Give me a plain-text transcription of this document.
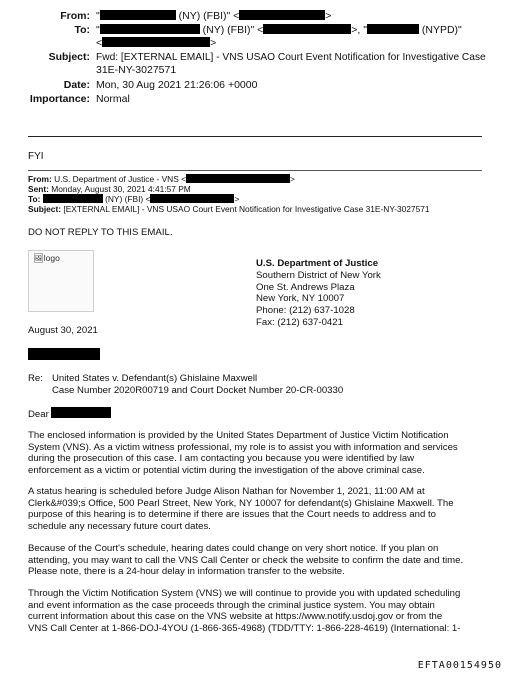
From: "	(NY) (FBI)" <	>
To: "	(NY) (FBI)" <	>, "	(NYPD)"
<	>
Subject: Fwd: [EXTERNAL EMAIL] - VNS USAO Court Event Notification for Investigative Case
31E-NY-3027571
Date: Mon, 30 Aug 2021 21:26:06 +0000
Importance: Normal
FYI
From: U.S. Department of Justice - VNS <	>
Sent: Monday, August 30, 2021 4:41:57 PM
To:	(NY) (FBI) <	>
Subject: [EXTERNAL EMAIL] - VNS USAO Court Event Notification for Investigative Case 31E-NY-3027571
DO NOT REPLY TO THIS EMAIL.
🖼logo	U.S. Department of Justice
Southern District of New York
One St. Andrews Plaza
New York, NY 10007
Phone: (212) 637-1028
Fax: (212) 637-0421
August 30, 2021
Re: United States v. Defendant(s) Ghislaine Maxwell
Case Number 2020R00719 and Court Docket Number 20-CR-00330
Dear
The enclosed information is provided by the United States Department of Justice Victim Notification
System (VNS). As a victim witness professional, my role is to assist you with information and services
during the prosecution of this case. I am contacting you because you were identified by law
enforcement as a victim or potential victim during the investigation of the above criminal case.
A status hearing is scheduled before Judge Alison Nathan for November 1, 2021, 11:00 AM at
Clerk&#039;s Office, 500 Pearl Street, New York, NY 10007 for defendant(s) Ghislaine Maxwell. The
purpose of this hearing is to determine if there are issues that the Court needs to address and to
schedule any necessary future court dates.
Because of the Court's schedule, hearing dates could change on very short notice. If you plan on
attending, you may want to call the VNS Call Center or check the website to confirm the date and time.
Please note, there is a 24-hour delay in information transfer to the website.
Through the Victim Notification System (VNS) we will continue to provide you with updated scheduling
and event information as the case proceeds through the criminal justice system. You may obtain
current information about this case on the VNS website at https://www.notify.usdoj.gov or from the
VNS Call Center at 1-866-DOJ-4YOU (1-866-365-4968) (TDD/TTY: 1-866-228-4619) (International: 1-
EFTA00154950
